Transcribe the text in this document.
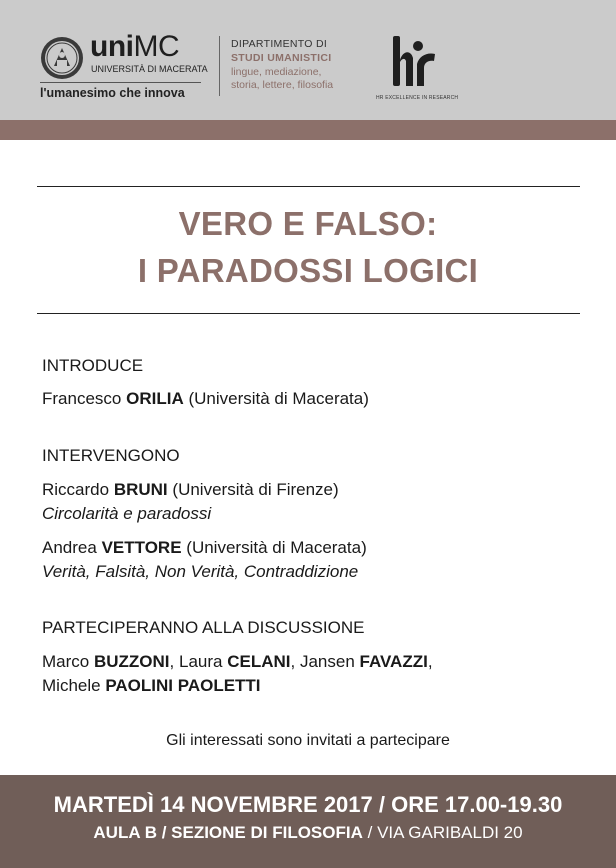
uniMC
UNIVERSITÀ DI MACERATA
l'umanesimo che innova
DIPARTIMENTO DI
STUDI UMANISTICI
lingue, mediazione,
storia, lettere, filosofia
HR EXCELLENCE IN RESEARCH
VERO E FALSO:
I PARADOSSI LOGICI
INTRODUCE
Francesco ORILIA (Università di Macerata)
INTERVENGONO
Riccardo BRUNI (Università di Firenze)
Circolarità e paradossi
Andrea VETTORE (Università di Macerata)
Verità, Falsità, Non Verità, Contraddizione
PARTECIPERANNO ALLA DISCUSSIONE
Marco BUZZONI, Laura CELANI, Jansen FAVAZZI,
Michele PAOLINI PAOLETTI
Gli interessati sono invitati a partecipare
MARTEDÌ 14 NOVEMBRE 2017 / ORE 17.00-19.30
AULA B / SEZIONE DI FILOSOFIA / VIA GARIBALDI 20
